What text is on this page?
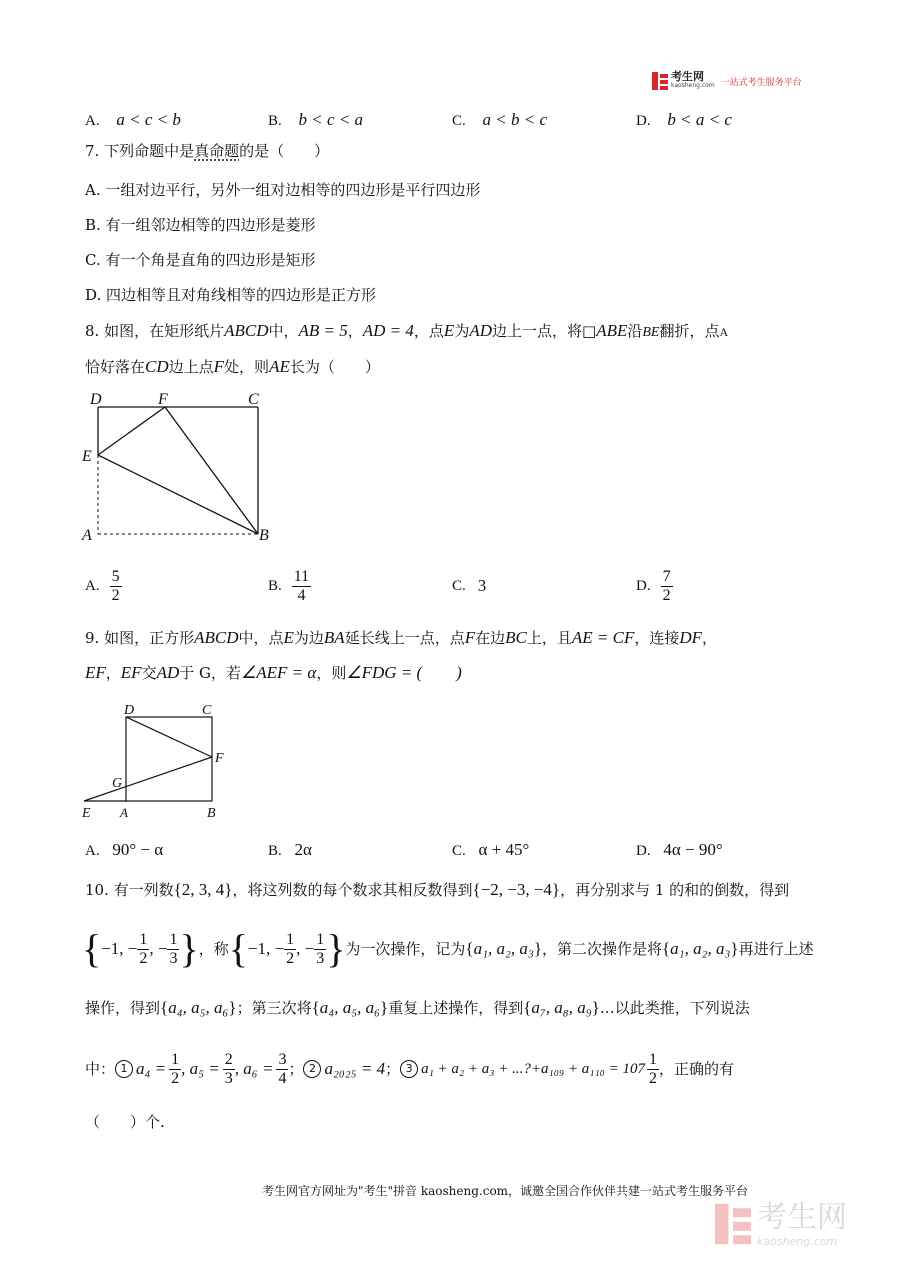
考生网
kaosheng.com 一站式考生服务平台
A. a < c < b	B. b < c < a	C. a < b < c	D. b < a < c
7. 下列命题中是真命题的是（　　）
A. 一组对边平行，另外一组对边相等的四边形是平行四边形
B. 有一组邻边相等的四边形是菱形
C. 有一个角是直角的四边形是矩形
D. 四边相等且对角线相等的四边形是正方形
8. 如图，在矩形纸片ABCD中，AB = 5，AD = 4，点E为AD边上一点，将□ABE沿BE翻折，点A
恰好落在CD边上点F处，则AE长为（　　）
D	F	C
E
A	B
A. $\frac{5}{2}$	B. $\frac{11}{4}$	C. 3	D. $\frac{7}{2}$
9. 如图，正方形ABCD中，点E为边BA延长线上一点，点F在边BC上，且AE = CF，连接DF，
EF，EF交AD于 G，若∠AEF = α，则∠FDG = (　　)
D	C
F
G
E A	B
A. 90° − α	B. 2α	C. α + 45°	D. 4α − 90°
10. 有一列数{2, 3, 4}，将这列数的每个数求其相反数得到{−2, −3, −4}，再分别求与 1 的和的倒数，得到
{ −1, − $\frac{1}{2}$ , − $\frac{1}{3}$ } ，称 { −1, − $\frac{1}{2}$ , − $\frac{1}{3}$ } 为一次操作，记为 { a₁, a₂, a₃ } ，第二次操作是将 { a₁, a₂, a₃ } 再进行上述
操作，得到{a₄, a₅, a₆}；第三次将{a₄, a₅, a₆}重复上述操作，得到{a₇, a₈, a₉}…以此类推，下列说法
中： 1 $a_4 = \frac{1}{2}$ , $a_5 = \frac{2}{3}$ , $a_6 = \frac{3}{4}$ ； 2 a₂₀₂₅ = 4 ； 3 a₁ + a₂ + a₃ + ...?+a₁₀₉ + $a_{110} = 107 \frac{1}{2}$ ，正确的有
（　　）个.
考生网官方网址为"考生"拼音 kaosheng.com，诚邀全国合作伙伴共建一站式考生服务平台
考生网
kaosheng.com
